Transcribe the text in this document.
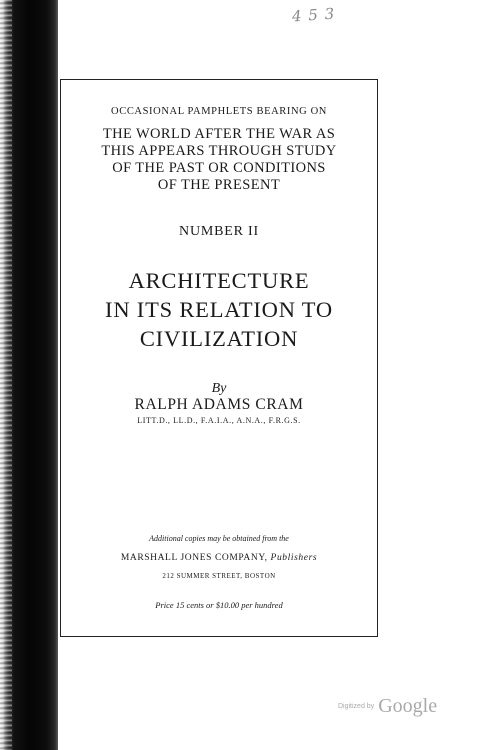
4 5 3
OCCASIONAL PAMPHLETS BEARING ON
THE WORLD AFTER THE WAR AS
THIS APPEARS THROUGH STUDY
OF THE PAST OR CONDITIONS
OF THE PRESENT
NUMBER II
ARCHITECTURE
IN ITS RELATION TO
CIVILIZATION
By
RALPH ADAMS CRAM
LITT.D., LL.D., F.A.I.A., A.N.A., F.R.G.S.
Additional copies may be obtained from the
MARSHALL JONES COMPANY, Publishers
212 SUMMER STREET, BOSTON
Price 15 cents or $10.00 per hundred
Digitized by Google
